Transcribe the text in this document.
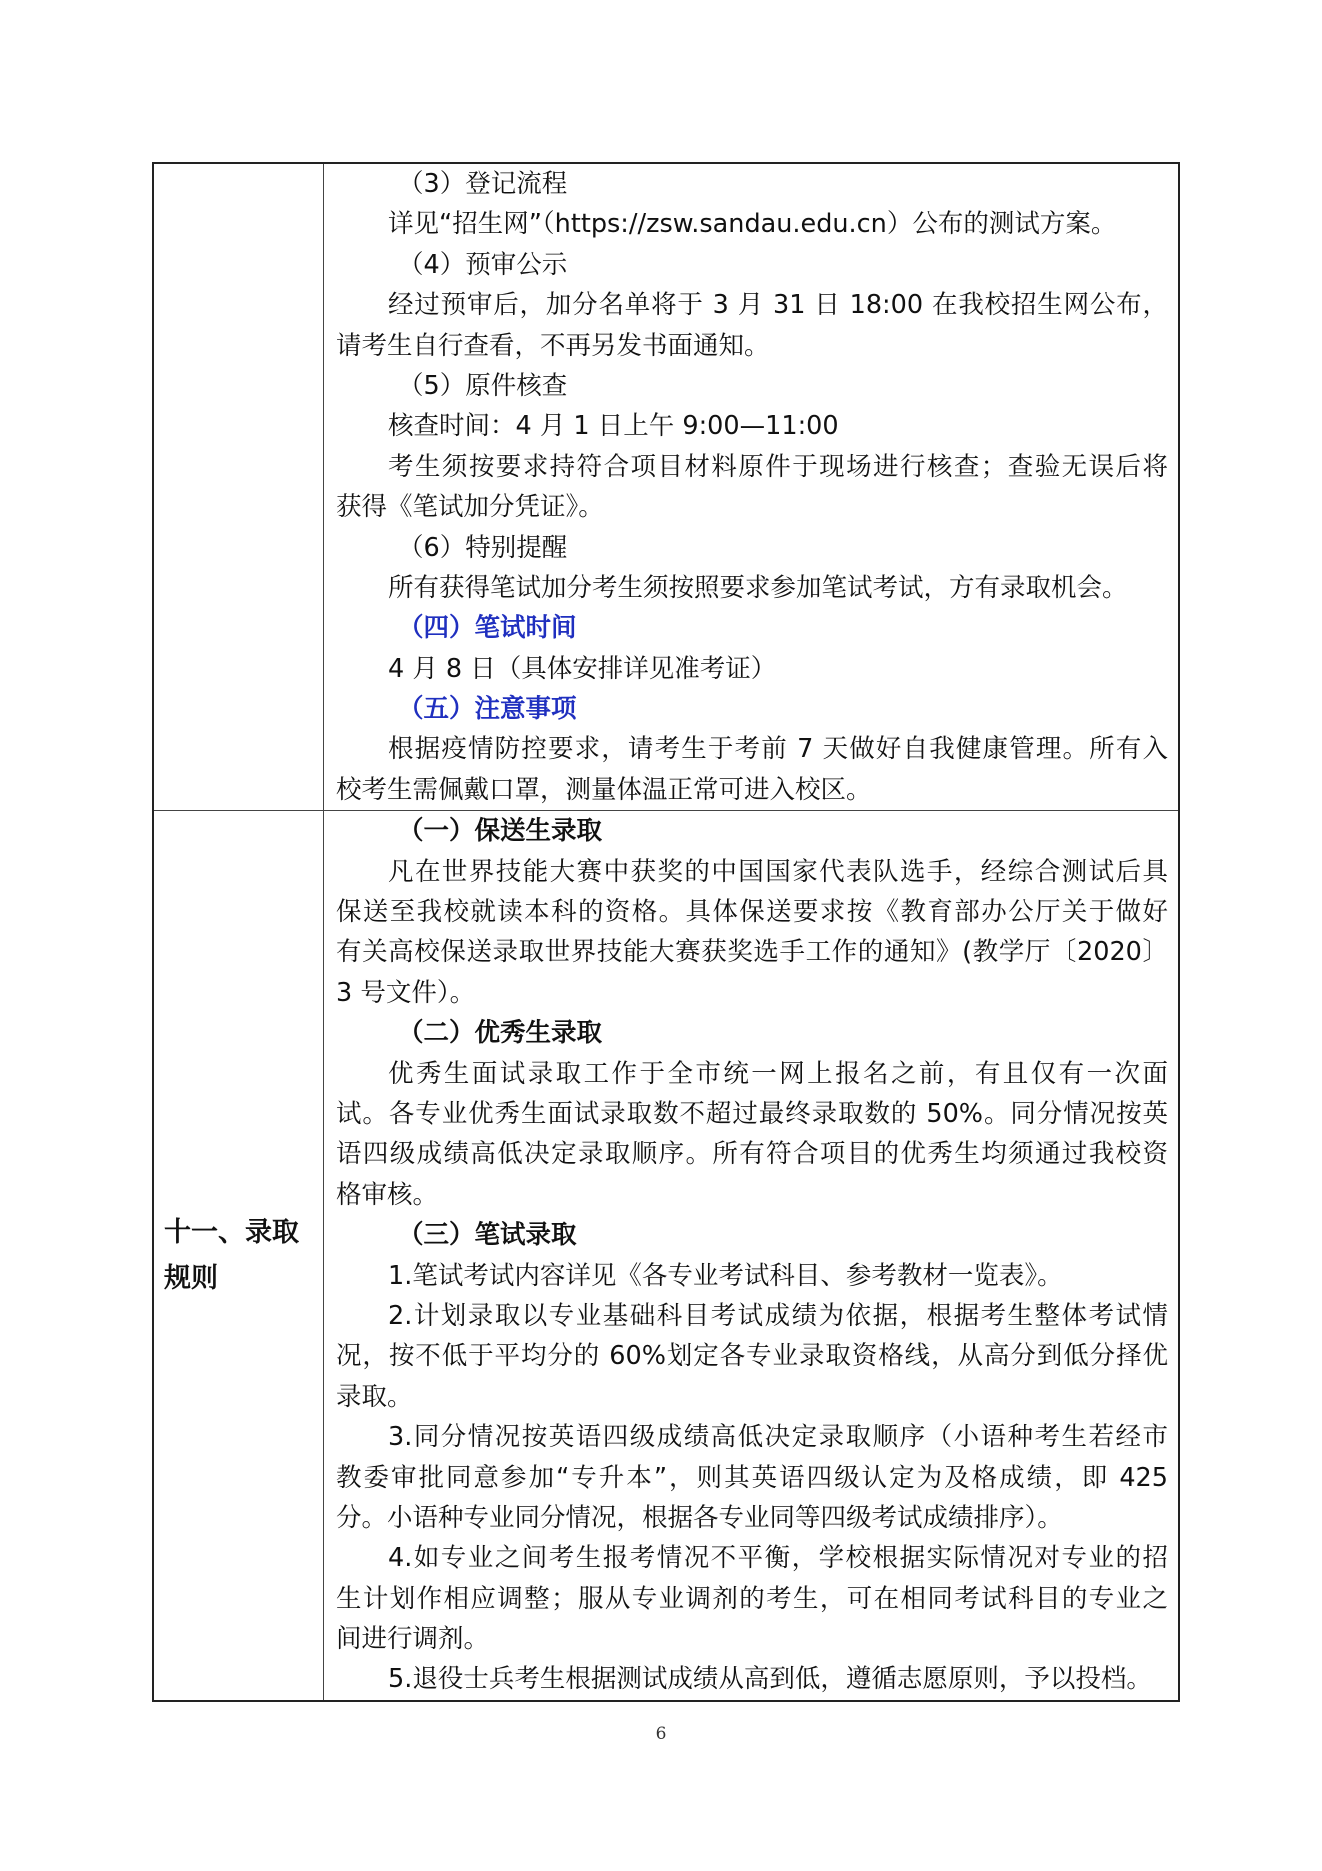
（3）登记流程
详见“招生网”（https://zsw.sandau.edu.cn）公布的测试方案。
（4）预审公示
经过预审后，加分名单将于 3 月 31 日 18:00 在我校招生网公布，
请考生自行查看，不再另发书面通知。
（5）原件核查
核查时间：4 月 1 日上午 9:00—11:00
考生须按要求持符合项目材料原件于现场进行核查；查验无误后将
获得《笔试加分凭证》。
（6）特别提醒
所有获得笔试加分考生须按照要求参加笔试考试，方有录取机会。
（四）笔试时间
4 月 8 日（具体安排详见准考证）
（五）注意事项
根据疫情防控要求，请考生于考前 7 天做好自我健康管理。所有入
校考生需佩戴口罩，测量体温正常可进入校区。
十一、录取
规则
（一）保送生录取
凡在世界技能大赛中获奖的中国国家代表队选手，经综合测试后具
保送至我校就读本科的资格。具体保送要求按《教育部办公厅关于做好
有关高校保送录取世界技能大赛获奖选手工作的通知》(教学厅〔2020〕
3 号文件）。
（二）优秀生录取
优秀生面试录取工作于全市统一网上报名之前，有且仅有一次面
试。各专业优秀生面试录取数不超过最终录取数的 50%。同分情况按英
语四级成绩高低决定录取顺序。所有符合项目的优秀生均须通过我校资
格审核。
（三）笔试录取
1.笔试考试内容详见《各专业考试科目、参考教材一览表》。
2.计划录取以专业基础科目考试成绩为依据，根据考生整体考试情
况，按不低于平均分的 60%划定各专业录取资格线，从高分到低分择优
录取。
3.同分情况按英语四级成绩高低决定录取顺序（小语种考生若经市
教委审批同意参加“专升本”，则其英语四级认定为及格成绩，即 425
分。小语种专业同分情况，根据各专业同等四级考试成绩排序）。
4.如专业之间考生报考情况不平衡，学校根据实际情况对专业的招
生计划作相应调整；服从专业调剂的考生，可在相同考试科目的专业之
间进行调剂。
5.退役士兵考生根据测试成绩从高到低，遵循志愿原则，予以投档。
6
